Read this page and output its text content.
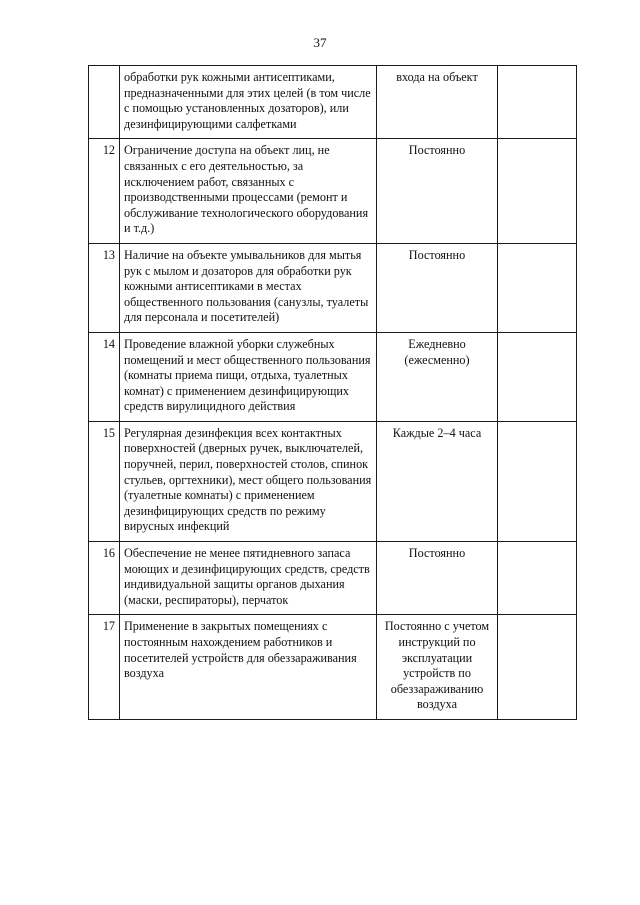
37
	обработки рук кожными антисептиками, предназначенными для этих целей (в том числе с помощью установленных дозаторов), или дезинфицирующими салфетками	входа на объект	
12	Ограничение доступа на объект лиц, не связанных с его деятельностью, за исключением работ, связанных с производственными процессами (ремонт и обслуживание технологического оборудования и т.д.)	Постоянно	
13	Наличие на объекте умывальников для мытья рук с мылом и дозаторов для обработки рук кожными антисептиками в местах общественного пользования (санузлы, туалеты для персонала и посетителей)	Постоянно	
14	Проведение влажной уборки служебных помещений и мест общественного пользования (комнаты приема пищи, отдыха, туалетных комнат) с применением дезинфицирующих средств вирулицидного действия	Ежедневно (ежесменно)	
15	Регулярная дезинфекция всех контактных поверхностей (дверных ручек, выключателей, поручней, перил, поверхностей столов, спинок стульев, оргтехники), мест общего пользования (туалетные комнаты) с применением дезинфицирующих средств по режиму вирусных инфекций	Каждые 2–4 часа	
16	Обеспечение не менее пятидневного запаса моющих и дезинфицирующих средств, средств индивидуальной защиты органов дыхания (маски, респираторы), перчаток	Постоянно	
17	Применение в закрытых помещениях с постоянным нахождением работников и посетителей устройств для обеззараживания воздуха	Постоянно с учетом инструкций по эксплуатации устройств по обеззараживанию воздуха	
